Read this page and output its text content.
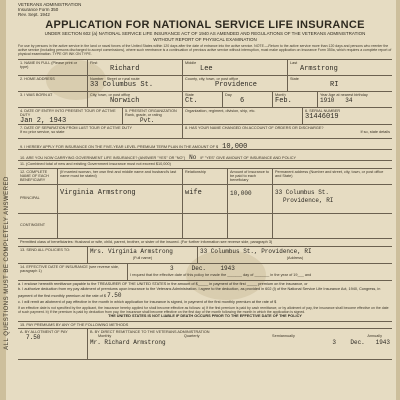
ALL QUESTIONS MUST BE COMPLETELY ANSWERED
VETERANS ADMINISTRATION
Insurance Form 350
Rev. Sept. 1942
APPLICATION FOR NATIONAL SERVICE LIFE INSURANCE
UNDER SECTION 602 (a) NATIONAL SERVICE LIFE INSURANCE ACT OF 1940 AS AMENDED AND REGULATIONS OF THE VETERANS ADMINISTRATION
WITHOUT REPORT OF PHYSICAL EXAMINATION
For use by persons in the active service in the land or naval forces of the United States within 120 days after the date of entrance into the active service. NOTE.—Return to the active service more than 120 days and persons who reenter the active service (including persons discharged to accept commissions), where such reentrance is a continuation of previous active service without interruption, must make application on Insurance Form 350a, which requires a complete report of physical examination. TYPE OR INK ON TYPE.
1. NAME IN FULL (Please print or type)
First
Richard
Middle
Lee
Last
Armstrong
2. HOME ADDRESS	Number Street or rural route
33 Columbus St.
County, city, town, or post office
Providence
State
RI
3. I WAS BORN AT	City, town, or post office
Norwich
State
Ct.
Day
6
Month
Feb.
Year Age at nearest birthday
1910 34
4. DATE OF ENTRY INTO PRESENT TOUR OF ACTIVE DUTY
Jan 2, 1943
5. PRESENT ORGANIZATION Rank, grade, or rating
Pvt.
Organization, regiment, division, ship, etc.	6. SERIAL NUMBER
31446019
7. DATE OF SEPARATION FROM LAST TOUR OF ACTIVE DUTY
If no prior service, so state
8. HAS YOUR NAME CHANGED ON ACCOUNT OF ORDERS OR DISCHARGE?
If so, state details
9. I HEREBY APPLY FOR INSURANCE ON THE FIVE-YEAR LEVEL PREMIUM TERM PLAN IN THE AMOUNT OF $ 10,000
10. ARE YOU NOW CARRYING GOVERNMENT LIFE INSURANCE? (ANSWER "YES" OR "NO") No IF "YES" GIVE AMOUNT OF INSURANCE AND POLICY
11. (Combined total of new and existing Government insurance must not exceed $10,000)
12. COMPLETE NAME OF EACH BENEFICIARY
(If married woman, her own first and middle name and husband's last name must be stated)
Relationship	Amount of insurance to be paid to each beneficiary
Permanent address (Number and street, city, town, or post office and State)
PRINCIPAL
Virginia Armstrong	wife	10,000	33 Columbus St.
Providence, RI
CONTINGENT
Permitted class of beneficiaries: Husband or wife, child, parent, brother, or sister of the insured. (For further information see reverse side, paragraph 3)
13. SEND ALL POLICIES TO:	Mrs. Virginia Armstrong
(Full name)
33 Columbus St., Providence, RI
(Address)
14. EFFECTIVE DATE OF INSURANCE (see reverse side, paragraph 1)	3	Dec. 1943
I request that the effective date of this policy be made the _______ day of _______ in the year of 19___ and
a. I enclose herewith remittance payable to the TREASURER OF THE UNITED STATES in the amount of $_____ in payment of the first _____ premium on the insurance, or
b. I authorize deduction from my pay allotment of premiums upon insurance to the Veterans Administration. I agree to the deduction, as provided in 602 (l) of the National Service Life Insurance Act, 1940, Congress, in payment of the first monthly premium at the rate of $ 7.50
c. I will remit an allotment of pay effective in the month in which application for insurance is signed, in payment of the first monthly premium at the rate of $
If an effective date is not specified by the applicant, the insurance hereby applied for shall become effective as follows: a) If the first premium is paid by cash remittance, or by allotment of pay, the insurance shall become effective on the date of such payment. b) If the premium is paid by deduction from pay, the insurance shall become effective on the first day of the month following the month in which the application is signed.
THE UNITED STATES IS NOT LIABLE IF DEATH OCCURS PRIOR TO THE EFFECTIVE DATE OF THE POLICY
15. PAY PREMIUMS BY ANY OF THE FOLLOWING METHODS
A. BY ALLOTMENT OF PAY
7.50
B. BY DIRECT REMITTANCE TO THE VETERANS ADMINISTRATION
Monthly	Quarterly	Semiannually	Annually
Mr. Richard Armstrong	3 Dec. 1943
